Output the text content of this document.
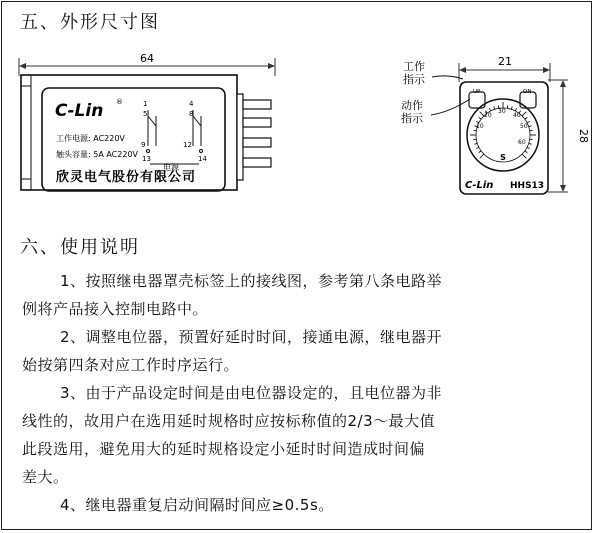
五、外形尺寸图
64
C-Lin ®
工作电源: AC220V
触头容量: 5A AC220V
1	4
5	8
9	12
13	14
电源
欣灵电气股份有限公司
21
28
工作
指示
动作
指示
UP	ON
10
20
30
40
50
60
S
C-Lin HHS13
六、使用说明
1、按照继电器罩壳标签上的接线图，参考第八条电路举
例将产品接入控制电路中。
2、调整电位器，预置好延时时间，接通电源，继电器开
始按第四条对应工作时序运行。
3、由于产品设定时间是由电位器设定的，且电位器为非
线性的，故用户在选用延时规格时应按标称值的2/3～最大值
此段选用，避免用大的延时规格设定小延时时间造成时间偏
差大。
4、继电器重复启动间隔时间应≥0.5s。
